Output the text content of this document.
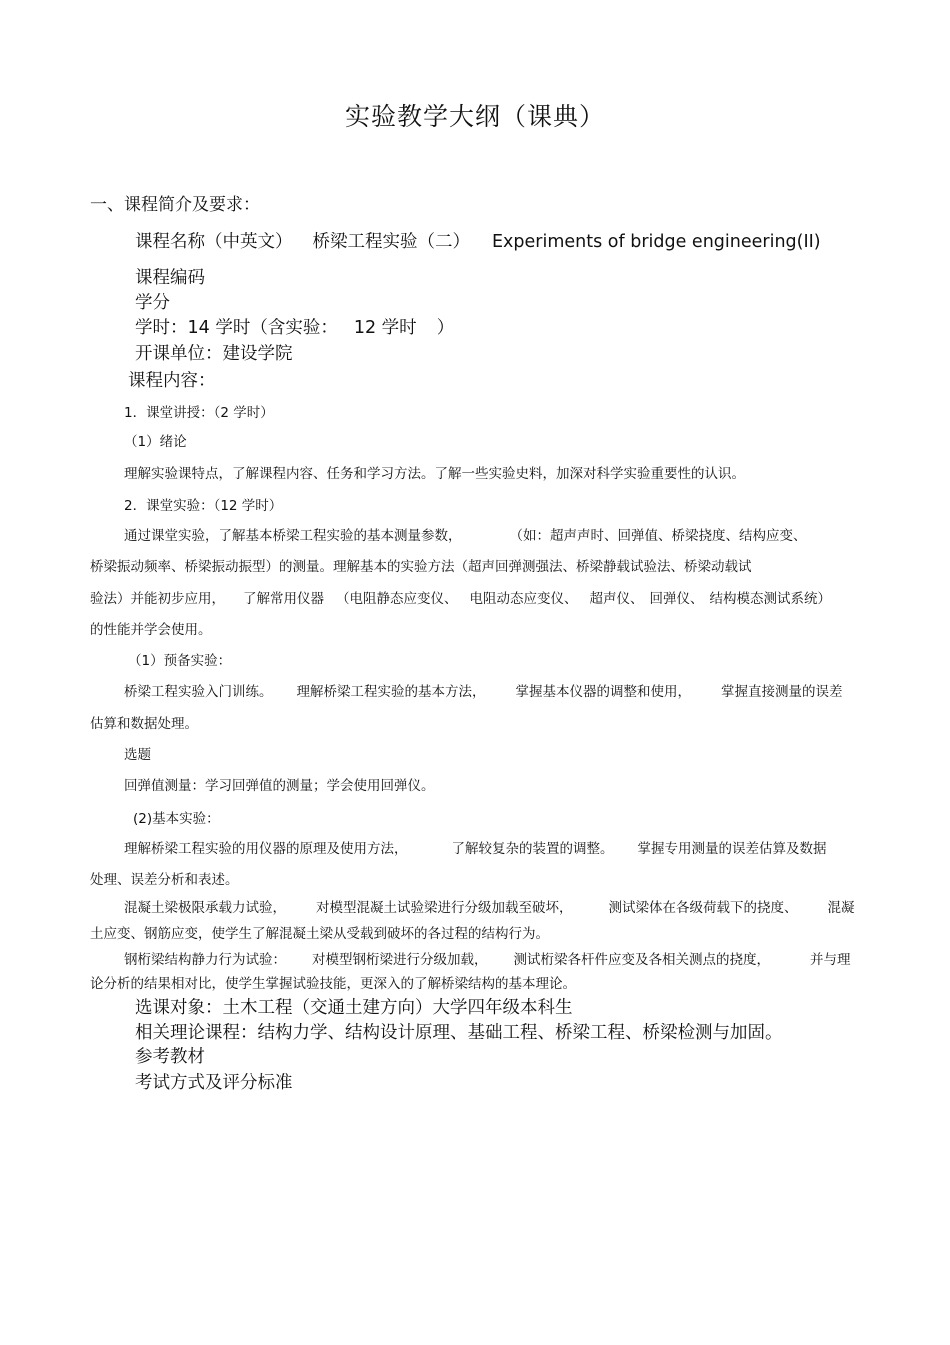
实验教学大纲（课典）
一、课程简介及要求：
课程名称（中英文） 桥梁工程实验（二） Experiments of bridge engineering(II)
课程编码
学分
学时：14 学时（含实验： 12 学时 ）
开课单位：建设学院
课程内容：
1．课堂讲授：（2 学时）
（1）绪论
理解实验课特点，了解课程内容、任务和学习方法。了解一些实验史料，加深对科学实验重要性的认识。
2．课堂实验：（12 学时）
通过课堂实验，了解基本桥梁工程实验的基本测量参数，	（如：超声声时、回弹值、桥梁挠度、结构应变、
桥梁振动频率、桥梁振动振型）的测量。理解基本的实验方法（超声回弹测强法、桥梁静载试验法、桥梁动载试
验法）并能初步应用， 了解常用仪器 （电阻静态应变仪、 电阻动态应变仪、 超声仪、 回弹仪、 结构模态测试系统）
的性能并学会使用。
（1）预备实验：
桥梁工程实验入门训练。 理解桥梁工程实验的基本方法， 掌握基本仪器的调整和使用， 掌握直接测量的误差
估算和数据处理。
选题
回弹值测量：学习回弹值的测量；学会使用回弹仪。
(2)基本实验：
理解桥梁工程实验的用仪器的原理及使用方法，	了解较复杂的装置的调整。 掌握专用测量的误差估算及数据
处理、误差分析和表述。
混凝土梁极限承载力试验， 对模型混凝土试验梁进行分级加载至破坏，	测试梁体在各级荷载下的挠度、 混凝
土应变、钢筋应变，使学生了解混凝土梁从受载到破坏的各过程的结构行为。
钢桁梁结构静力行为试验： 对模型钢桁梁进行分级加载， 测试桁梁各杆件应变及各相关测点的挠度，	并与理
论分析的结果相对比，使学生掌握试验技能，更深入的了解桥梁结构的基本理论。
选课对象：土木工程（交通土建方向）大学四年级本科生
相关理论课程：结构力学、结构设计原理、基础工程、桥梁工程、桥梁检测与加固。
参考教材
考试方式及评分标准
